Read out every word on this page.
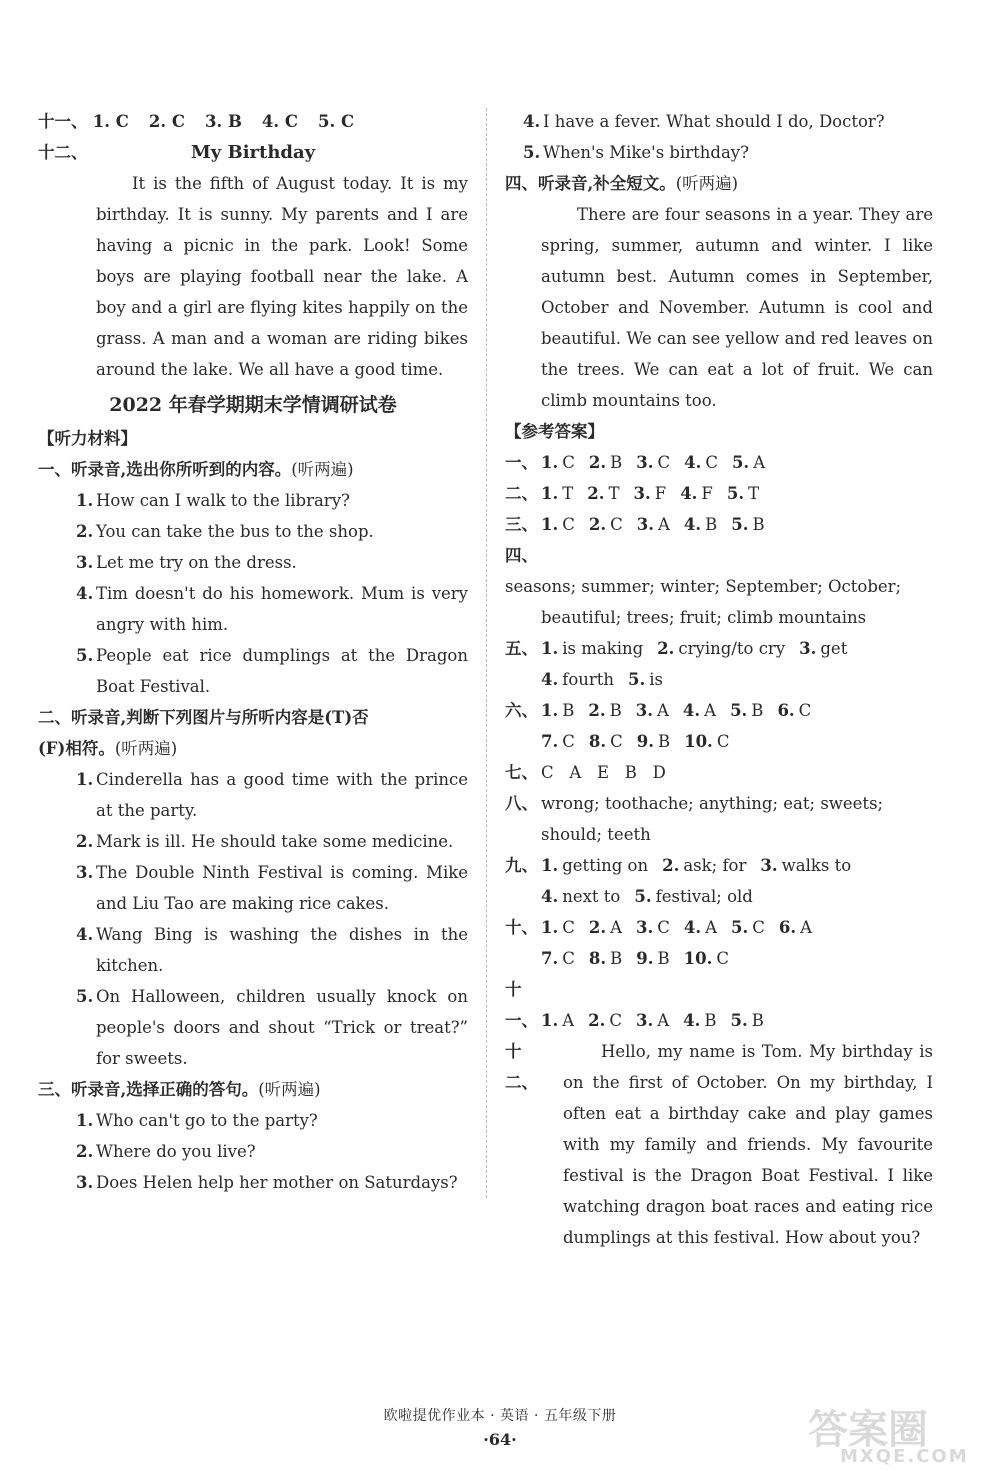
十一、 1. C 2. C 3. B 4. C 5. C
十二、	My Birthday

It is the fifth of August today. It is my birthday. It is sunny. My parents and I are having a picnic in the park. Look! Some boys are playing football near the lake. A boy and a girl are flying kites happily on the grass. A man and a woman are riding bikes around the lake. We all have a good time.

2022 年春学期期末学情调研试卷
【听力材料】
一、听录音,选出你所听到的内容。(听两遍)
1. How can I walk to the library?
2. You can take the bus to the shop.
3. Let me try on the dress.
4. Tim doesn't do his homework. Mum is very angry with him.
5. People eat rice dumplings at the Dragon Boat Festival.
二、听录音,判断下列图片与所听内容是(T)否
(F)相符。(听两遍)
1. Cinderella has a good time with the prince at the party.
2. Mark is ill. He should take some medicine.
3. The Double Ninth Festival is coming. Mike and Liu Tao are making rice cakes.
4. Wang Bing is washing the dishes in the kitchen.
5. On Halloween, children usually knock on people's doors and shout “Trick or treat?” for sweets.
三、听录音,选择正确的答句。(听两遍)
1. Who can't go to the party?
2. Where do you live?
3. Does Helen help her mother on Saturdays?
4. I have a fever. What should I do, Doctor?
5. When's Mike's birthday?
四、听录音,补全短文。(听两遍)

There are four seasons in a year. They are spring, summer, autumn and winter. I like autumn best. Autumn comes in September, October and November. Autumn is cool and beautiful. We can see yellow and red leaves on the trees. We can eat a lot of fruit. We can climb mountains too.

【参考答案】
一、 1. C 2. B 3. C 4. C 5. A
二、 1. T 2. T 3. F 4. F 5. T
三、 1. C 2. C 3. A 4. B 5. B
四、seasons; summer; winter; September; October;
beautiful; trees; fruit; climb mountains
五、 1. is making 2. crying/to cry 3. get
4. fourth 5. is
六、 1. B 2. B 3. A 4. A 5. B 6. C
7. C 8. C 9. B 10. C
七、 C   A   E   B   D
八、 wrong; toothache; anything; eat; sweets;
should; teeth
九、 1. getting on 2. ask; for 3. walks to
4. next to 5. festival; old
十、 1. C 2. A 3. C 4. A 5. C 6. A
7. C 8. B 9. B 10. C
十一、 1. A 2. C 3. A 4. B 5. B
十二、

Hello, my name is Tom. My birthday is on the first of October. On my birthday, I often eat a birthday cake and play games with my family and friends. My favourite festival is the Dragon Boat Festival. I like watching dragon boat races and eating rice dumplings at this festival. How about you?

欧啦提优作业本 · 英语 · 五年级下册
·64·	答案圈
MXQE.COM
